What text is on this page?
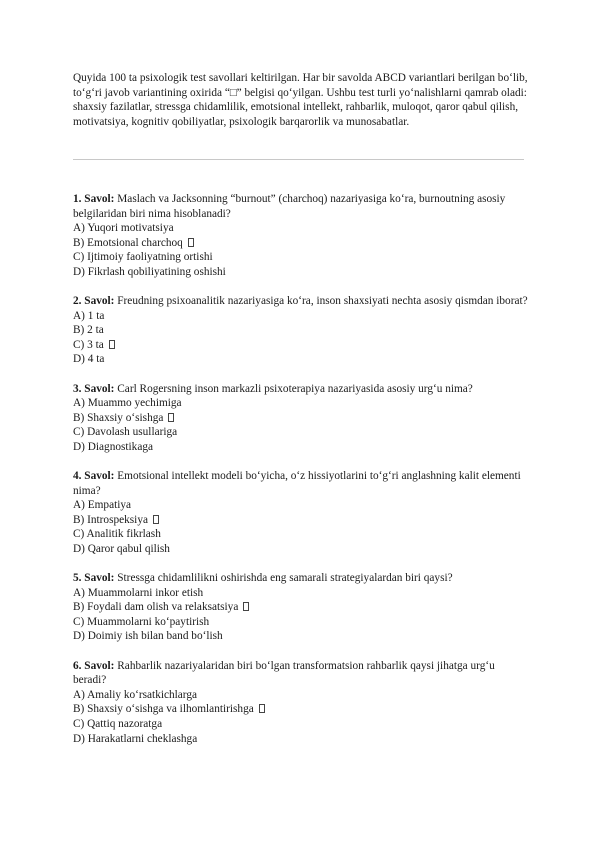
Quyida 100 ta psixologik test savollari keltirilgan. Har bir savolda ABCD variantlari berilgan bo‘lib, to‘g‘ri javob variantining oxirida “□” belgisi qo‘yilgan. Ushbu test turli yo‘nalishlarni qamrab oladi: shaxsiy fazilatlar, stressga chidamlilik, emotsional intellekt, rahbarlik, muloqot, qaror qabul qilish, motivatsiya, kognitiv qobiliyatlar, psixologik barqarorlik va munosabatlar.

1. Savol: Maslach va Jacksonning “burnout” (charchoq) nazariyasiga ko‘ra, burnoutning asosiy belgilaridan biri nima hisoblanadi?
A) Yuqori motivatsiya
B) Emotsional charchoq
C) Ijtimoiy faoliyatning ortishi
D) Fikrlash qobiliyatining oshishi
2. Savol: Freudning psixoanalitik nazariyasiga ko‘ra, inson shaxsiyati nechta asosiy qismdan iborat?
A) 1 ta
B) 2 ta
C) 3 ta
D) 4 ta
3. Savol: Carl Rogersning inson markazli psixoterapiya nazariyasida asosiy urg‘u nima?
A) Muammo yechimiga
B) Shaxsiy o‘sishga
C) Davolash usullariga
D) Diagnostikaga
4. Savol: Emotsional intellekt modeli bo‘yicha, o‘z hissiyotlarini to‘g‘ri anglashning kalit elementi nima?
A) Empatiya
B) Introspeksiya
C) Analitik fikrlash
D) Qaror qabul qilish
5. Savol: Stressga chidamlilikni oshirishda eng samarali strategiyalardan biri qaysi?
A) Muammolarni inkor etish
B) Foydali dam olish va relaksatsiya
C) Muammolarni ko‘paytirish
D) Doimiy ish bilan band bo‘lish
6. Savol: Rahbarlik nazariyalaridan biri bo‘lgan transformatsion rahbarlik qaysi jihatga urg‘u beradi?
A) Amaliy ko‘rsatkichlarga
B) Shaxsiy o‘sishga va ilhomlantirishga
C) Qattiq nazoratga
D) Harakatlarni cheklashga
